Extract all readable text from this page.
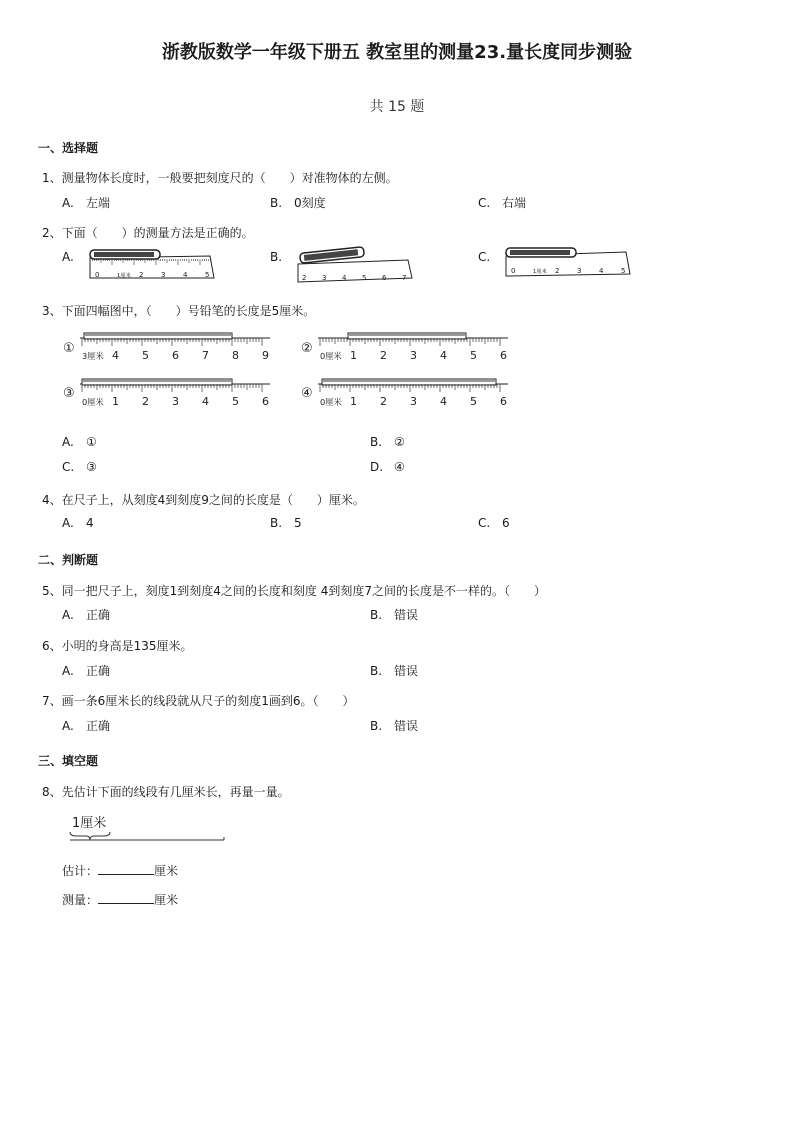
浙教版数学一年级下册五 教室里的测量23.量长度同步测验
共 15 题
一、选择题
1、测量物体长度时，一般要把刻度尺的（　　）对准物体的左侧。
A. 左端	B. 0刻度	C. 右端
2、下面（　　）的测量方法是正确的。
A.	B.	C.
0	1厘米 2	3	4	5	2 3 4 5 6 7
0	1厘米 2	3	4	5
3、下面四幅图中，（　　）号铅笔的长度是5厘米。
① 3厘米 4 5 6 7 8 9 ② 0厘米 1 2 3 4 5 6
③
0厘米 1 2 3 4 5 6
④
0厘米 1 2 3 4 5 6
A. ①	B. ②
C. ③	D. ④
4、在尺子上，从刻度4到刻度9之间的长度是（　　）厘米。
A. 4	B. 5	C. 6
二、判断题
5、同一把尺子上，刻度1到刻度4之间的长度和刻度 4到刻度7之间的长度是不一样的。（　　）
A. 正确	B. 错误
6、小明的身高是135厘米。
A. 正确	B. 错误
7、画一条6厘米长的线段就从尺子的刻度1画到6。（　　）
A. 正确	B. 错误
三、填空题
8、先估计下面的线段有几厘米长，再量一量。
1厘米
估计：	厘米
测量：	厘米
